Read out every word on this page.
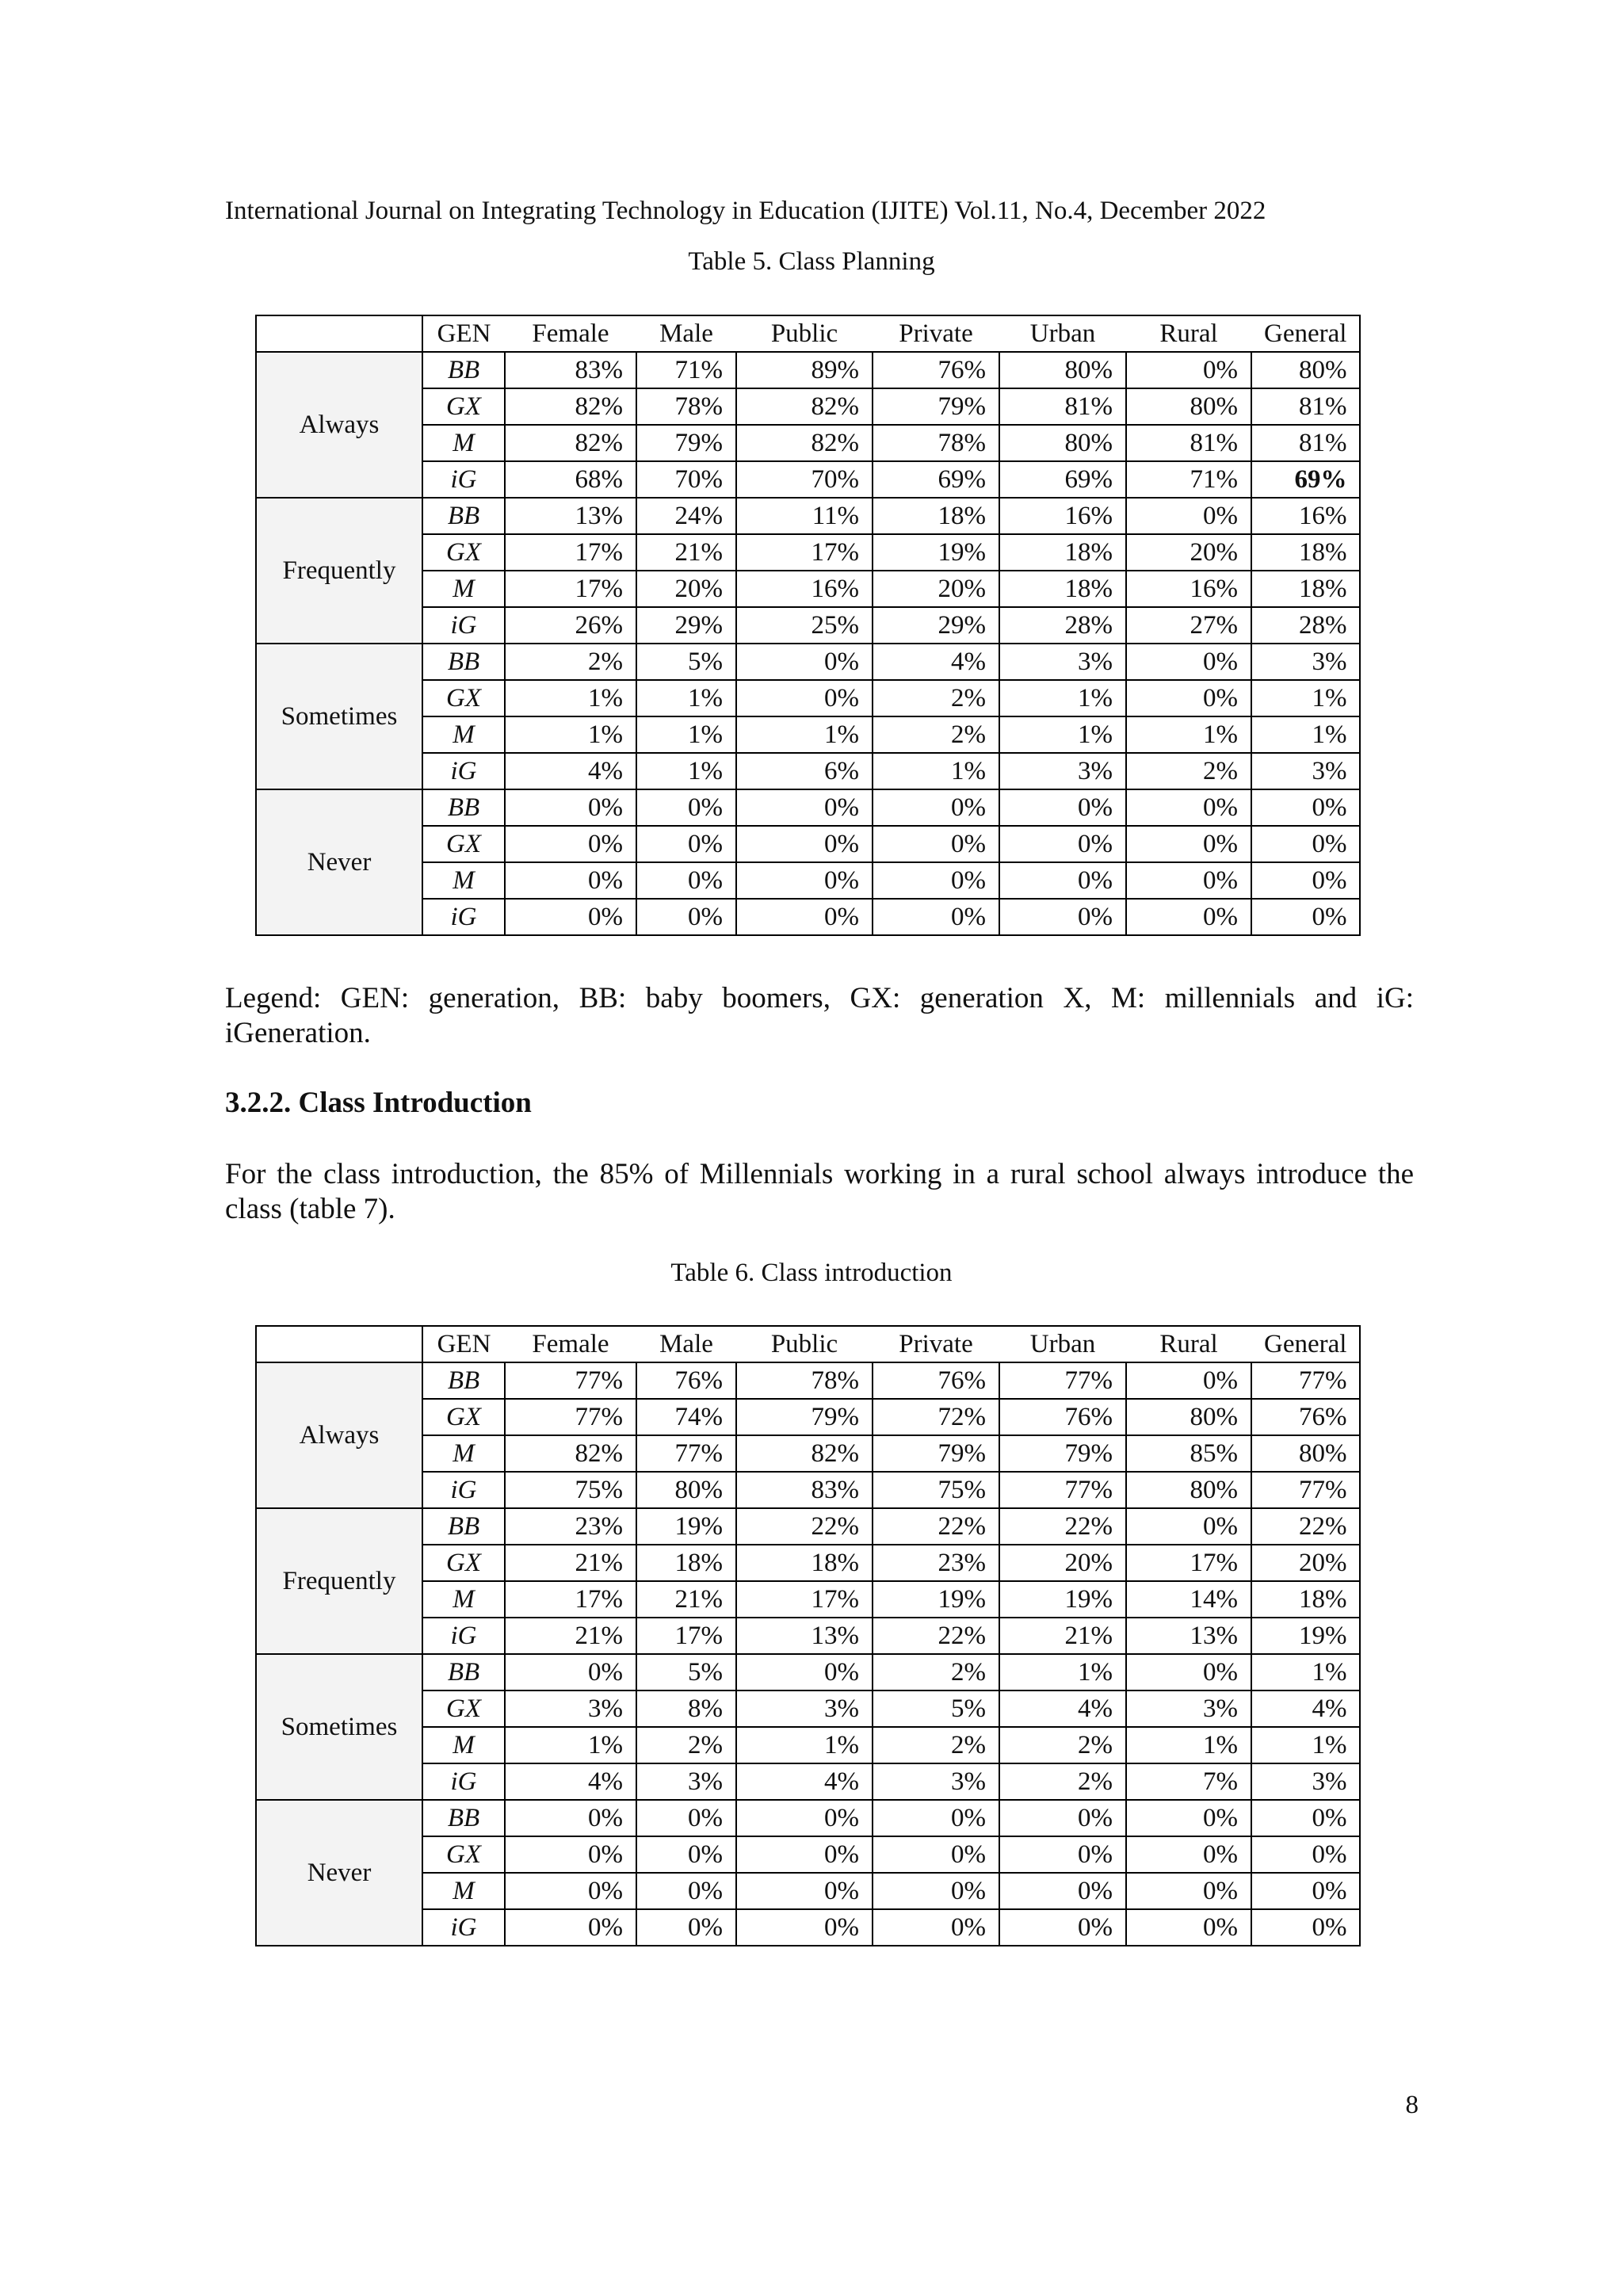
International Journal on Integrating Technology in Education (IJITE) Vol.11, No.4, December 2022
Table 5. Class Planning
	GEN	Female	Male	Public	Private	Urban	Rural	General
Always	BB	83%	71%	89%	76%	80%	0%	80%
	GX	82%	78%	82%	79%	81%	80%	81%
	M	82%	79%	82%	78%	80%	81%	81%
	iG	68%	70%	70%	69%	69%	71%	69%
Frequently	BB	13%	24%	11%	18%	16%	0%	16%
	GX	17%	21%	17%	19%	18%	20%	18%
	M	17%	20%	16%	20%	18%	16%	18%
	iG	26%	29%	25%	29%	28%	27%	28%
Sometimes	BB	2%	5%	0%	4%	3%	0%	3%
	GX	1%	1%	0%	2%	1%	0%	1%
	M	1%	1%	1%	2%	1%	1%	1%
	iG	4%	1%	6%	1%	3%	2%	3%
Never	BB	0%	0%	0%	0%	0%	0%	0%
	GX	0%	0%	0%	0%	0%	0%	0%
	M	0%	0%	0%	0%	0%	0%	0%
	iG	0%	0%	0%	0%	0%	0%	0%
Legend: GEN: generation, BB: baby boomers, GX: generation X, M: millennials and iG:
iGeneration.
3.2.2. Class Introduction
For the class introduction, the 85% of Millennials working in a rural school always introduce the
class (table 7).
Table 6. Class introduction
	GEN	Female	Male	Public	Private	Urban	Rural	General
Always	BB	77%	76%	78%	76%	77%	0%	77%
	GX	77%	74%	79%	72%	76%	80%	76%
	M	82%	77%	82%	79%	79%	85%	80%
	iG	75%	80%	83%	75%	77%	80%	77%
Frequently	BB	23%	19%	22%	22%	22%	0%	22%
	GX	21%	18%	18%	23%	20%	17%	20%
	M	17%	21%	17%	19%	19%	14%	18%
	iG	21%	17%	13%	22%	21%	13%	19%
Sometimes	BB	0%	5%	0%	2%	1%	0%	1%
	GX	3%	8%	3%	5%	4%	3%	4%
	M	1%	2%	1%	2%	2%	1%	1%
	iG	4%	3%	4%	3%	2%	7%	3%
Never	BB	0%	0%	0%	0%	0%	0%	0%
	GX	0%	0%	0%	0%	0%	0%	0%
	M	0%	0%	0%	0%	0%	0%	0%
	iG	0%	0%	0%	0%	0%	0%	0%
8
